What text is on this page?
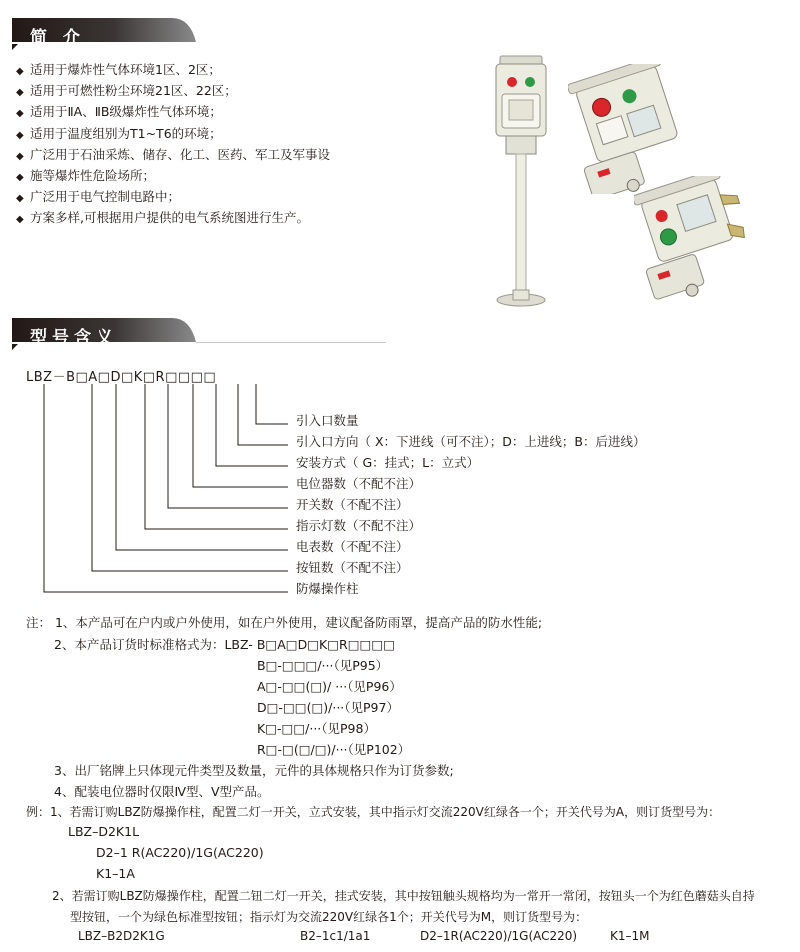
简 介
◆ 适用于爆炸性气体环境1区、2区；
◆ 适用于可燃性粉尘环境21区、22区；
◆ 适用于ⅡA、ⅡB级爆炸性气体环境；
◆ 适用于温度组别为T1~T6的环境；
◆ 广泛用于石油采炼、储存、化工、医药、军工及军事设
◆ 施等爆炸性危险场所；
◆ 广泛用于电气控制电路中；
◆ 方案多样,可根据用户提供的电气系统图进行生产。
型号含义
LBZ－B□A□D□K□R□□□□
引入口数量
引入口方向（ X：下进线（可不注）；D：上进线；B：后进线）
安装方式（ G：挂式；L：立式）
电位器数（不配不注）
开关数（不配不注）
指示灯数（不配不注）
电表数（不配不注）
按钮数（不配不注）
防爆操作柱
注： 1、本产品可在户内或户外使用，如在户外使用，建议配备防雨罩，提高产品的防水性能;
2、本产品订货时标准格式为：LBZ- B□A□D□K□R□□□□
B□-□□□/···（见P95）
A□-□□(□)/ ···（见P96）
D□-□□(□)/···（见P97）
K□-□□/···（见P98）
R□-□(□/□)/···（见P102）
3、出厂铭牌上只体现元件类型及数量，元件的具体规格只作为订货参数;
4、配装电位器时仅限Ⅳ型、Ⅴ型产品。
例：1、若需订购LBZ防爆操作柱，配置二灯一开关，立式安装，其中指示灯交流220V红绿各一个；开关代号为A，则订货型号为：
LBZ–D2K1L
D2–1 R(AC220)/1G(AC220)
K1–1A
2、若需订购LBZ防爆操作柱，配置二钮二灯一开关，挂式安装，其中按钮触头规格均为一常开一常闭，按钮头一个为红色蘑菇头自持
型按钮，一个为绿色标准型按钮；指示灯为交流220V红绿各1个；开关代号为M，则订货型号为：
LBZ–B2D2K1G	B2–1c1/1a1	D2–1R(AC220)/1G(AC220)	K1–1M
